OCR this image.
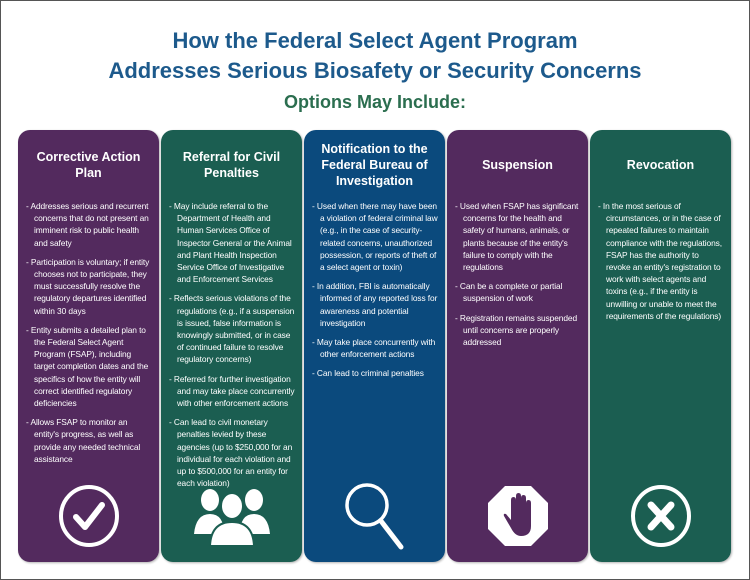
How the Federal Select Agent Program
Addresses Serious Biosafety or Security Concerns
Options May Include:
Corrective Action Plan
- Addresses serious and recurrent concerns that do not present an imminent risk to public health and safety
- Participation is voluntary; if entity chooses not to participate, they must successfully resolve the regulatory departures identified within 30 days
- Entity submits a detailed plan to the Federal Select Agent Program (FSAP), including target completion dates and the specifics of how the entity will correct identified regulatory deficiencies
- Allows FSAP to monitor an entity's progress, as well as provide any needed technical assistance
Referral for Civil Penalties
- May include referral to the Department of Health and Human Services Office of Inspector General or the Animal and Plant Health Inspection Service Office of Investigative and Enforcement Services
- Reflects serious violations of the regulations (e.g., if a suspension is issued, false information is knowingly submitted, or in case of continued failure to resolve regulatory concerns)
- Referred for further investigation and may take place concurrently with other enforcement actions
- Can lead to civil monetary penalties levied by these agencies (up to $250,000 for an individual for each violation and up to $500,000 for an entity for each violation)
Notification to the Federal Bureau of Investigation
- Used when there may have been a violation of federal criminal law (e.g., in the case of security-related concerns, unauthorized possession, or reports of theft of a select agent or toxin)
- In addition, FBI is automatically informed of any reported loss for awareness and potential investigation
- May take place concurrently with other enforcement actions
- Can lead to criminal penalties
Suspension
- Used when FSAP has significant concerns for the health and safety of humans, animals, or plants because of the entity's failure to comply with the regulations
- Can be a complete or partial suspension of work
- Registration remains suspended until concerns are properly addressed
Revocation
- In the most serious of circumstances, or in the case of repeated failures to maintain compliance with the regulations, FSAP has the authority to revoke an entity's registration to work with select agents and toxins (e.g., if the entity is unwilling or unable to meet the requirements of the regulations)
